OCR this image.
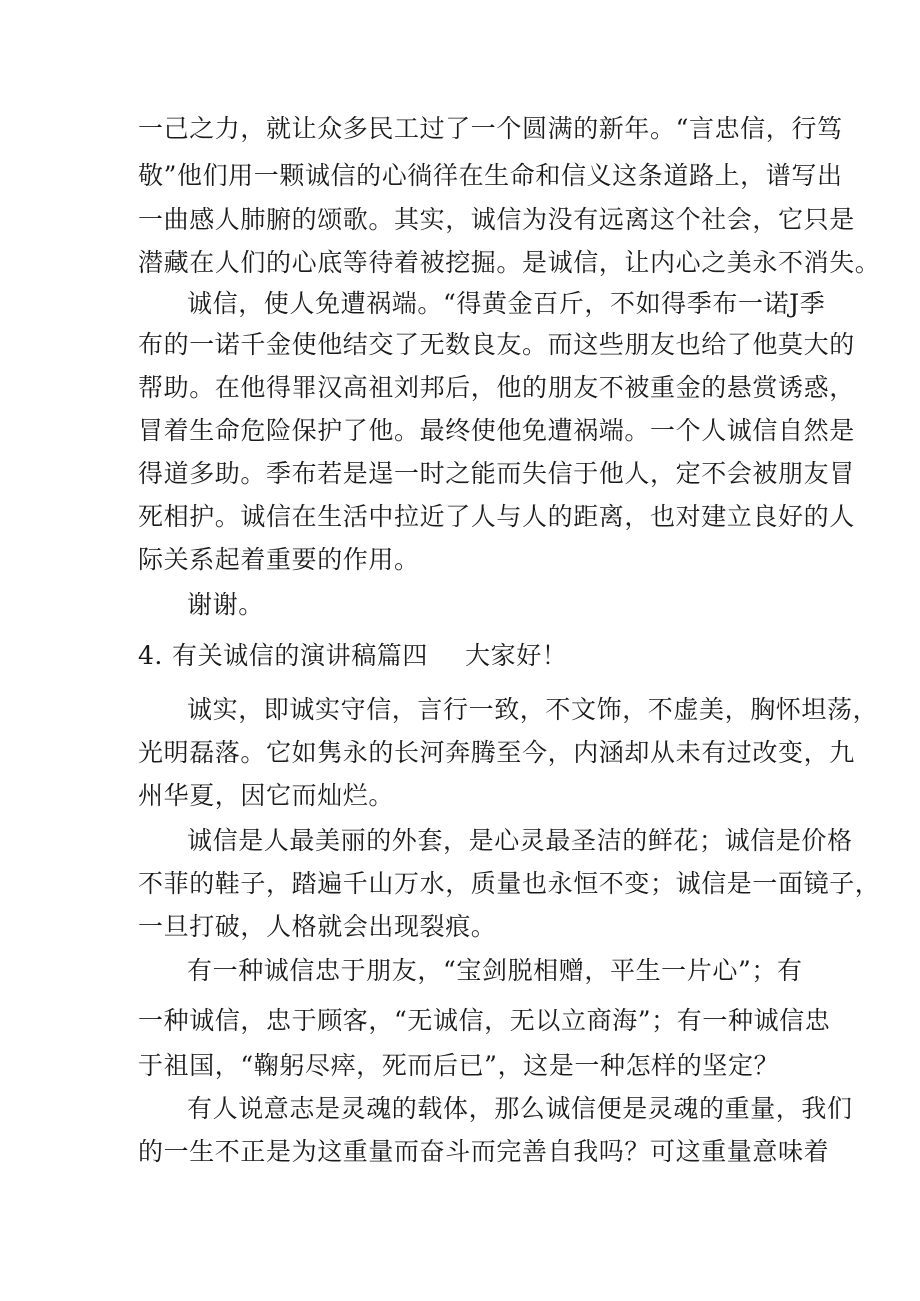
一己之力，就让众多民工过了一个圆满的新年。“言忠信，行笃
敬”他们用一颗诚信的心徜徉在生命和信义这条道路上，谱写出
一曲感人肺腑的颂歌。其实，诚信为没有远离这个社会，它只是
潜藏在人们的心底等待着被挖掘。是诚信，让内心之美永不消失。
诚信，使人免遭祸端。“得黄金百斤，不如得季布一诺J季
布的一诺千金使他结交了无数良友。而这些朋友也给了他莫大的
帮助。在他得罪汉高祖刘邦后，他的朋友不被重金的悬赏诱惑，
冒着生命危险保护了他。最终使他免遭祸端。一个人诚信自然是
得道多助。季布若是逞一时之能而失信于他人，定不会被朋友冒
死相护。诚信在生活中拉近了人与人的距离，也对建立良好的人
际关系起着重要的作用。
谢谢。
4．
有关诚信的演讲稿篇四 大家好！
诚实，即诚实守信，言行一致，不文饰，不虚美，胸怀坦荡，
光明磊落。它如隽永的长河奔腾至今，内涵却从未有过改变，九
州华夏，因它而灿烂。
诚信是人最美丽的外套，是心灵最圣洁的鲜花；诚信是价格
不菲的鞋子，踏遍千山万水，质量也永恒不变；诚信是一面镜子，
一旦打破，人格就会出现裂痕。
有一种诚信忠于朋友，“宝剑脱相赠，平生一片心”；有
一种诚信，忠于顾客，“无诚信，无以立商海”；有一种诚信忠
于祖国，“鞠躬尽瘁，死而后已”，这是一种怎样的坚定？
有人说意志是灵魂的载体，那么诚信便是灵魂的重量，我们
的一生不正是为这重量而奋斗而完善自我吗？可这重量意味着
